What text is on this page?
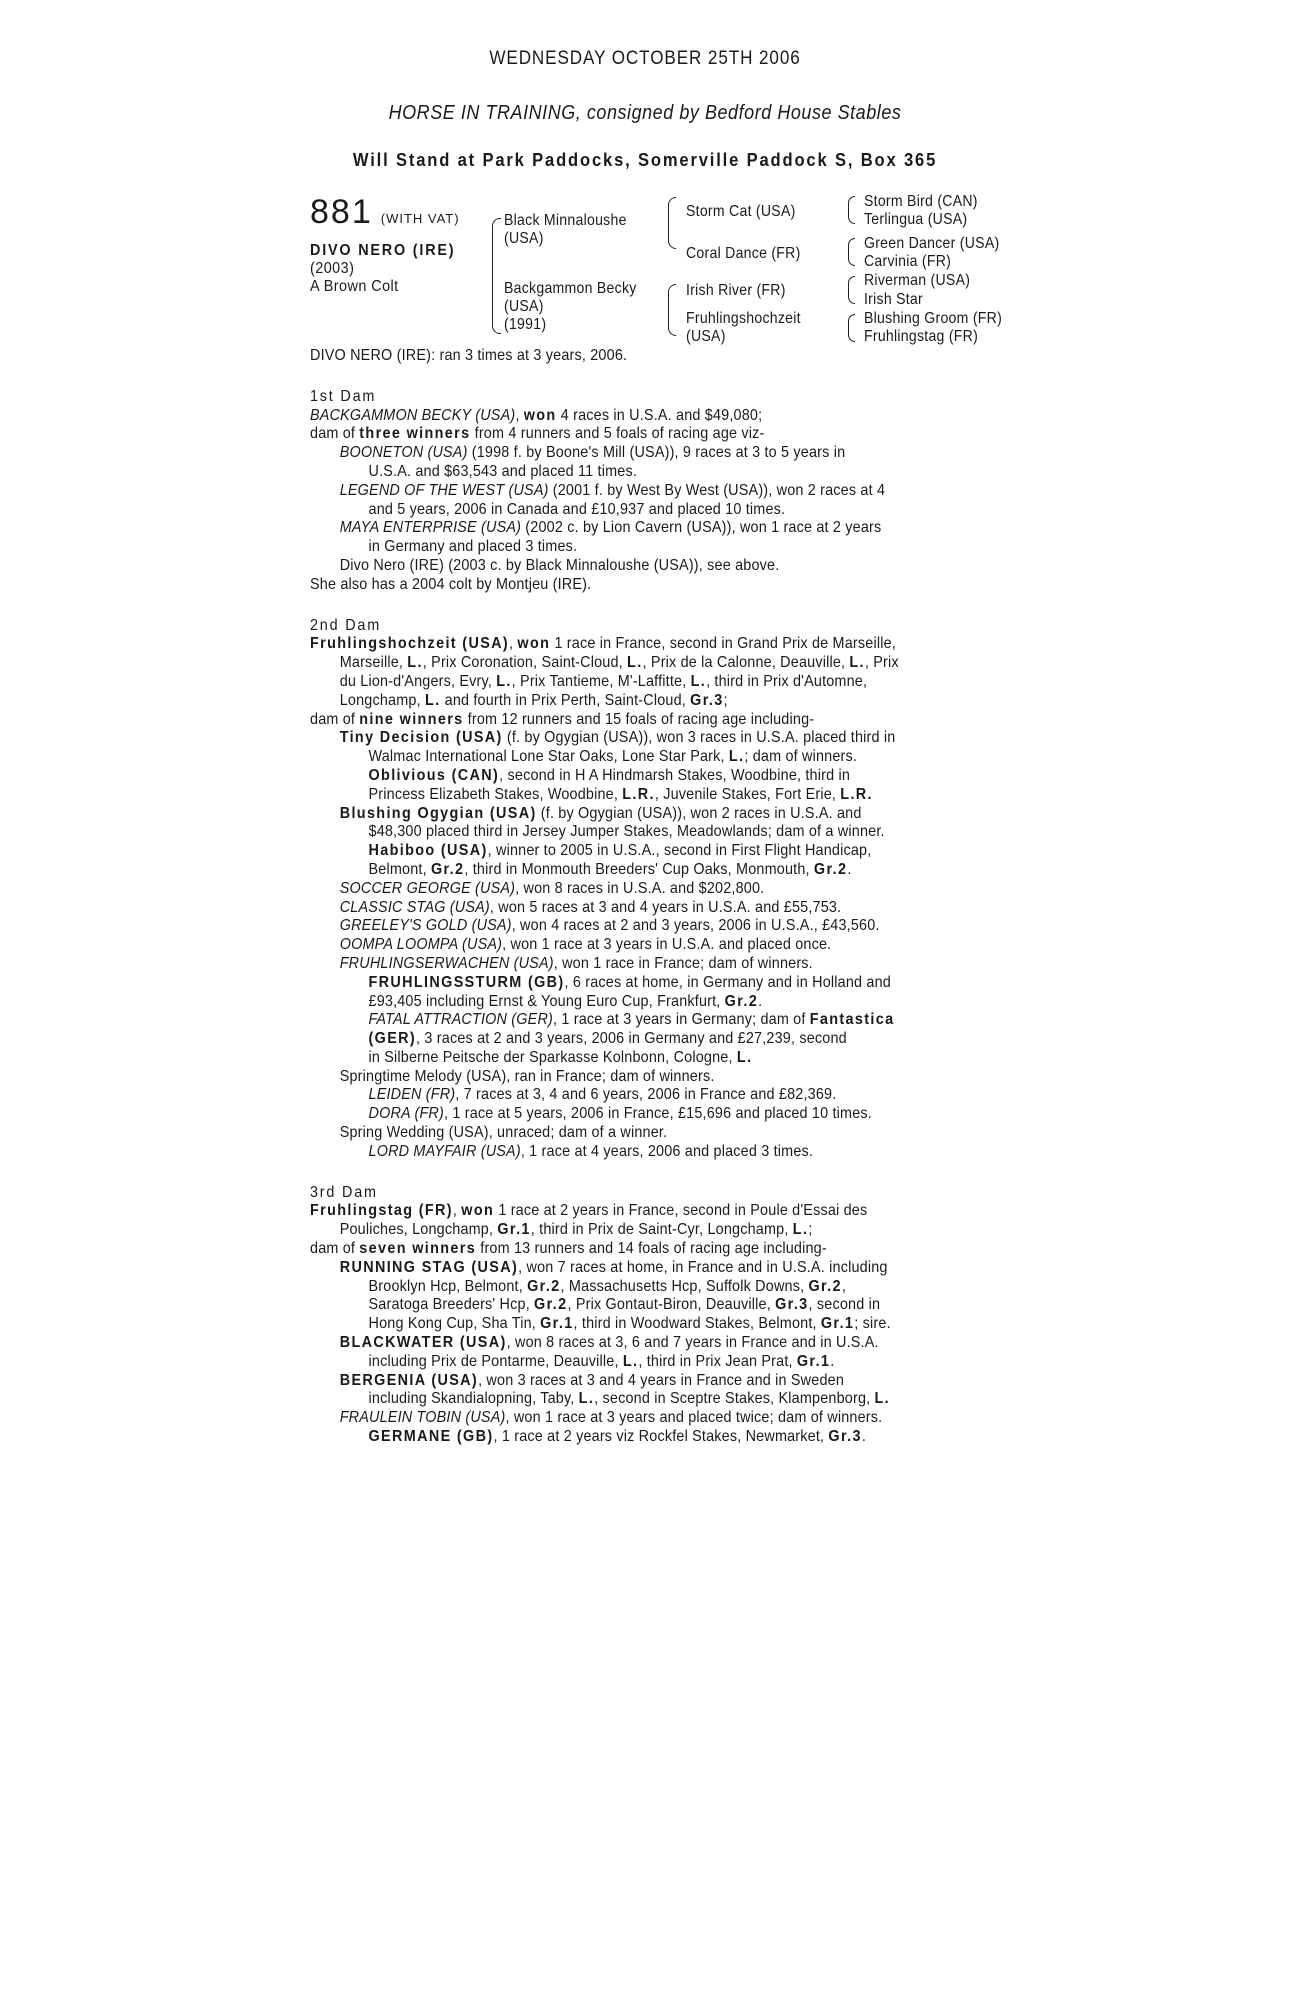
WEDNESDAY OCTOBER 25TH 2006
HORSE IN TRAINING, consigned by Bedford House Stables
Will Stand at Park Paddocks, Somerville Paddock S, Box 365
881 (WITH VAT)
DIVO NERO (IRE)
(2003)
A Brown Colt
Black Minnaloushe (USA)
Backgammon Becky
(USA)
(1991)
Storm Cat (USA)
Coral Dance (FR)
Irish River (FR)
Fruhlingshochzeit
(USA)
Storm Bird (CAN)
Terlingua (USA)
Green Dancer (USA)
Carvinia (FR)
Riverman (USA)
Irish Star
Blushing Groom (FR)
Fruhlingstag (FR)
DIVO NERO (IRE): ran 3 times at 3 years, 2006.
1st Dam
BACKGAMMON BECKY (USA), won 4 races in U.S.A. and $49,080;
dam of three winners from 4 runners and 5 foals of racing age viz-
BOONETON (USA) (1998 f. by Boone's Mill (USA)), 9 races at 3 to 5 years in
U.S.A. and $63,543 and placed 11 times.
LEGEND OF THE WEST (USA) (2001 f. by West By West (USA)), won 2 races at 4
and 5 years, 2006 in Canada and £10,937 and placed 10 times.
MAYA ENTERPRISE (USA) (2002 c. by Lion Cavern (USA)), won 1 race at 2 years
in Germany and placed 3 times.
Divo Nero (IRE) (2003 c. by Black Minnaloushe (USA)), see above.
She also has a 2004 colt by Montjeu (IRE).
2nd Dam
Fruhlingshochzeit (USA), won 1 race in France, second in Grand Prix de Marseille,
Marseille, L., Prix Coronation, Saint-Cloud, L., Prix de la Calonne, Deauville, L., Prix
du Lion-d'Angers, Evry, L., Prix Tantieme, M'-Laffitte, L., third in Prix d'Automne,
Longchamp, L. and fourth in Prix Perth, Saint-Cloud, Gr.3;
dam of nine winners from 12 runners and 15 foals of racing age including-
Tiny Decision (USA) (f. by Ogygian (USA)), won 3 races in U.S.A. placed third in
Walmac International Lone Star Oaks, Lone Star Park, L.; dam of winners.
Oblivious (CAN), second in H A Hindmarsh Stakes, Woodbine, third in
Princess Elizabeth Stakes, Woodbine, L.R., Juvenile Stakes, Fort Erie, L.R.
Blushing Ogygian (USA) (f. by Ogygian (USA)), won 2 races in U.S.A. and
$48,300 placed third in Jersey Jumper Stakes, Meadowlands; dam of a winner.
Habiboo (USA), winner to 2005 in U.S.A., second in First Flight Handicap,
Belmont, Gr.2, third in Monmouth Breeders' Cup Oaks, Monmouth, Gr.2.
SOCCER GEORGE (USA), won 8 races in U.S.A. and $202,800.
CLASSIC STAG (USA), won 5 races at 3 and 4 years in U.S.A. and £55,753.
GREELEY'S GOLD (USA), won 4 races at 2 and 3 years, 2006 in U.S.A., £43,560.
OOMPA LOOMPA (USA), won 1 race at 3 years in U.S.A. and placed once.
FRUHLINGSERWACHEN (USA), won 1 race in France; dam of winners.
FRUHLINGSSTURM (GB), 6 races at home, in Germany and in Holland and
£93,405 including Ernst & Young Euro Cup, Frankfurt, Gr.2.
FATAL ATTRACTION (GER), 1 race at 3 years in Germany; dam of Fantastica
(GER), 3 races at 2 and 3 years, 2006 in Germany and £27,239, second
in Silberne Peitsche der Sparkasse Kolnbonn, Cologne, L.
Springtime Melody (USA), ran in France; dam of winners.
LEIDEN (FR), 7 races at 3, 4 and 6 years, 2006 in France and £82,369.
DORA (FR), 1 race at 5 years, 2006 in France, £15,696 and placed 10 times.
Spring Wedding (USA), unraced; dam of a winner.
LORD MAYFAIR (USA), 1 race at 4 years, 2006 and placed 3 times.
3rd Dam
Fruhlingstag (FR), won 1 race at 2 years in France, second in Poule d'Essai des
Pouliches, Longchamp, Gr.1, third in Prix de Saint-Cyr, Longchamp, L.;
dam of seven winners from 13 runners and 14 foals of racing age including-
RUNNING STAG (USA), won 7 races at home, in France and in U.S.A. including
Brooklyn Hcp, Belmont, Gr.2, Massachusetts Hcp, Suffolk Downs, Gr.2,
Saratoga Breeders' Hcp, Gr.2, Prix Gontaut-Biron, Deauville, Gr.3, second in
Hong Kong Cup, Sha Tin, Gr.1, third in Woodward Stakes, Belmont, Gr.1; sire.
BLACKWATER (USA), won 8 races at 3, 6 and 7 years in France and in U.S.A.
including Prix de Pontarme, Deauville, L., third in Prix Jean Prat, Gr.1.
BERGENIA (USA), won 3 races at 3 and 4 years in France and in Sweden
including Skandialopning, Taby, L., second in Sceptre Stakes, Klampenborg, L.
FRAULEIN TOBIN (USA), won 1 race at 3 years and placed twice; dam of winners.
GERMANE (GB), 1 race at 2 years viz Rockfel Stakes, Newmarket, Gr.3.
